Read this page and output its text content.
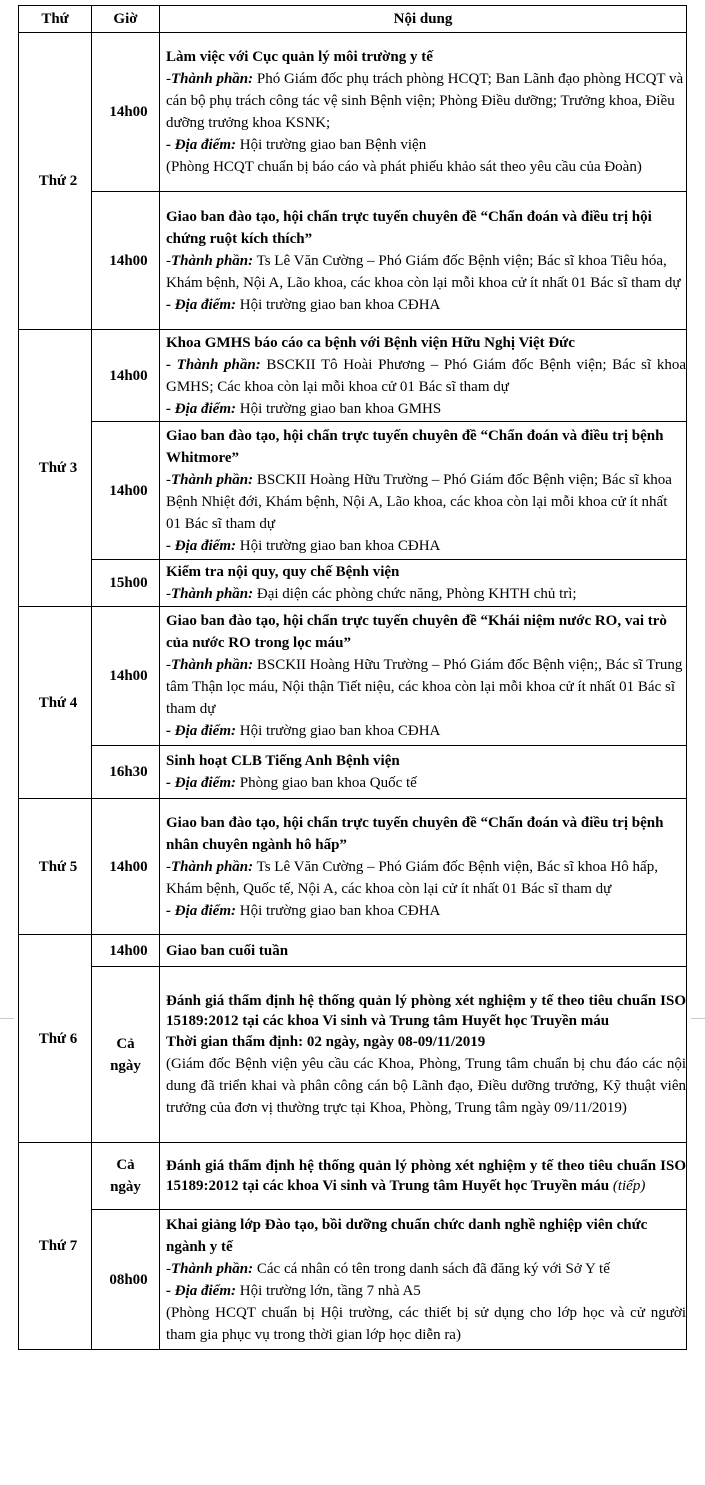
Thứ	Giờ	Nội dung
Thứ 2	14h00	Làm việc với Cục quản lý môi trường y tế
-Thành phần: Phó Giám đốc phụ trách phòng HCQT; Ban Lãnh đạo phòng HCQT và cán bộ phụ trách công tác vệ sinh Bệnh viện; Phòng Điều dưỡng; Trưởng khoa, Điều dưỡng trưởng khoa KSNK;
- Địa điểm: Hội trường giao ban Bệnh viện
(Phòng HCQT chuẩn bị báo cáo và phát phiếu khảo sát theo yêu cầu của Đoàn)

	14h00	Giao ban đào tạo, hội chẩn trực tuyến chuyên đề “Chẩn đoán và điều trị hội chứng ruột kích thích”
-Thành phần: Ts Lê Văn Cường – Phó Giám đốc Bệnh viện; Bác sĩ khoa Tiêu hóa, Khám bệnh, Nội A, Lão khoa, các khoa còn lại mỗi khoa cử ít nhất 01 Bác sĩ tham dự
- Địa điểm: Hội trường giao ban khoa CĐHA

Thứ 3	14h00	Khoa GMHS báo cáo ca bệnh với Bệnh viện Hữu Nghị Việt Đức
- Thành phần: BSCKII Tô Hoài Phương – Phó Giám đốc Bệnh viện; Bác sĩ khoa GMHS; Các khoa còn lại mỗi khoa cử 01 Bác sĩ tham dự
- Địa điểm: Hội trường giao ban khoa GMHS

	14h00	Giao ban đào tạo, hội chẩn trực tuyến chuyên đề “Chẩn đoán và điều trị bệnh Whitmore”
-Thành phần: BSCKII Hoàng Hữu Trường – Phó Giám đốc Bệnh viện; Bác sĩ khoa Bệnh Nhiệt đới, Khám bệnh, Nội A, Lão khoa, các khoa còn lại mỗi khoa cử ít nhất 01 Bác sĩ tham dự
- Địa điểm: Hội trường giao ban khoa CĐHA

	15h00	Kiểm tra nội quy, quy chế Bệnh viện
-Thành phần: Đại diện các phòng chức năng, Phòng KHTH chủ trì;

Thứ 4	14h00	Giao ban đào tạo, hội chẩn trực tuyến chuyên đề “Khái niệm nước RO, vai trò của nước RO trong lọc máu”
-Thành phần: BSCKII Hoàng Hữu Trường – Phó Giám đốc Bệnh viện;, Bác sĩ Trung tâm Thận lọc máu, Nội thận Tiết niệu, các khoa còn lại mỗi khoa cử ít nhất 01 Bác sĩ tham dự
- Địa điểm: Hội trường giao ban khoa CĐHA

	16h30	Sinh hoạt CLB Tiếng Anh Bệnh viện
- Địa điểm: Phòng giao ban khoa Quốc tế

Thứ 5	14h00	Giao ban đào tạo, hội chẩn trực tuyến chuyên đề “Chẩn đoán và điều trị bệnh nhân chuyên ngành hô hấp”
-Thành phần: Ts Lê Văn Cường – Phó Giám đốc Bệnh viện, Bác sĩ khoa Hô hấp, Khám bệnh, Quốc tế, Nội A, các khoa còn lại cử ít nhất 01 Bác sĩ tham dự
- Địa điểm: Hội trường giao ban khoa CĐHA

Thứ 6	14h00	Giao ban cuối tuần

	Cả ngày	Đánh giá thẩm định hệ thống quản lý phòng xét nghiệm y tế theo tiêu chuẩn ISO 15189:2012 tại các khoa Vi sinh và Trung tâm Huyết học Truyền máu
Thời gian thẩm định: 02 ngày, ngày 08-09/11/2019
(Giám đốc Bệnh viện yêu cầu các Khoa, Phòng, Trung tâm chuẩn bị chu đáo các nội dung đã triển khai và phân công cán bộ Lãnh đạo, Điều dưỡng trưởng, Kỹ thuật viên trưởng của đơn vị thường trực tại Khoa, Phòng, Trung tâm ngày 09/11/2019)

Thứ 7	Cả ngày	Đánh giá thẩm định hệ thống quản lý phòng xét nghiệm y tế theo tiêu chuẩn ISO 15189:2012 tại các khoa Vi sinh và Trung tâm Huyết học Truyền máu (tiếp)

	08h00	Khai giảng lớp Đào tạo, bồi dưỡng chuẩn chức danh nghề nghiệp viên chức ngành y tế
-Thành phần: Các cá nhân có tên trong danh sách đã đăng ký với Sở Y tế
- Địa điểm: Hội trường lớn, tầng 7 nhà A5
(Phòng HCQT chuẩn bị Hội trường, các thiết bị sử dụng cho lớp học và cử người tham gia phục vụ trong thời gian lớp học diễn ra)
